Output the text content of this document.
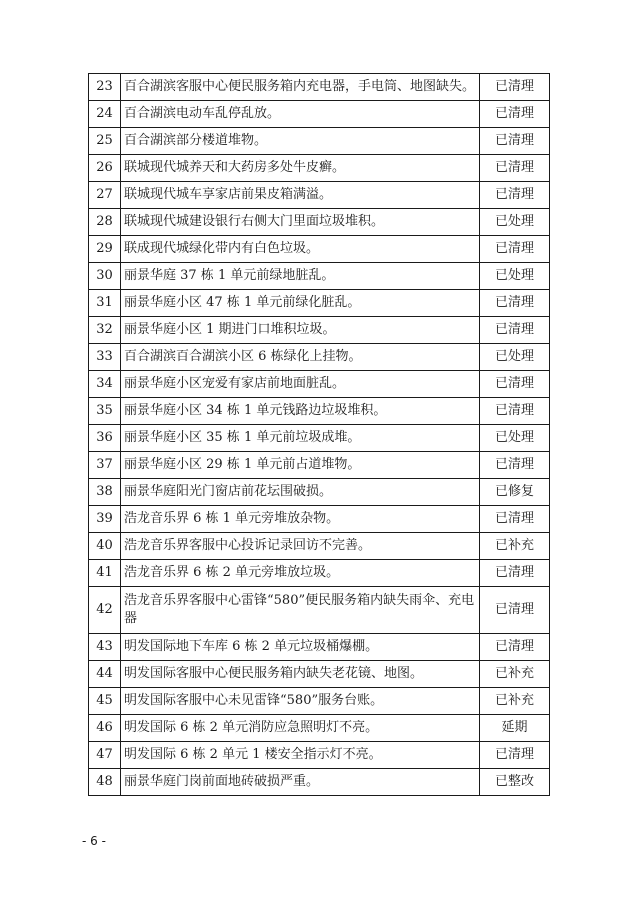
23	百合湖滨客服中心便民服务箱内充电器，手电筒、地图缺失。	已清理
24	百合湖滨电动车乱停乱放。	已清理
25	百合湖滨部分楼道堆物。	已清理
26	联城现代城养天和大药房多处牛皮癣。	已清理
27	联城现代城车享家店前果皮箱满溢。	已清理
28	联城现代城建设银行右侧大门里面垃圾堆积。	已处理
29	联成现代城绿化带内有白色垃圾。	已清理
30	丽景华庭 37 栋 1 单元前绿地脏乱。	已处理
31	丽景华庭小区 47 栋 1 单元前绿化脏乱。	已清理
32	丽景华庭小区 1 期进门口堆积垃圾。	已清理
33	百合湖滨百合湖滨小区 6 栋绿化上挂物。	已处理
34	丽景华庭小区宠爱有家店前地面脏乱。	已清理
35	丽景华庭小区 34 栋 1 单元钱路边垃圾堆积。	已清理
36	丽景华庭小区 35 栋 1 单元前垃圾成堆。	已处理
37	丽景华庭小区 29 栋 1 单元前占道堆物。	已清理
38	丽景华庭阳光门窗店前花坛围破损。	已修复
39	浩龙音乐界 6 栋 1 单元旁堆放杂物。	已清理
40	浩龙音乐界客服中心投诉记录回访不完善。	已补充
41	浩龙音乐界 6 栋 2 单元旁堆放垃圾。	已清理
42	浩龙音乐界客服中心雷锋“580”便民服务箱内缺失雨伞、充电器	已清理
43	明发国际地下车库 6 栋 2 单元垃圾桶爆棚。	已清理
44	明发国际客服中心便民服务箱内缺失老花镜、地图。	已补充
45	明发国际客服中心未见雷锋“580”服务台账。	已补充
46	明发国际 6 栋 2 单元消防应急照明灯不亮。	延期
47	明发国际 6 栋 2 单元 1 楼安全指示灯不亮。	已清理
48	丽景华庭门岗前面地砖破损严重。	已整改
- 6 -
